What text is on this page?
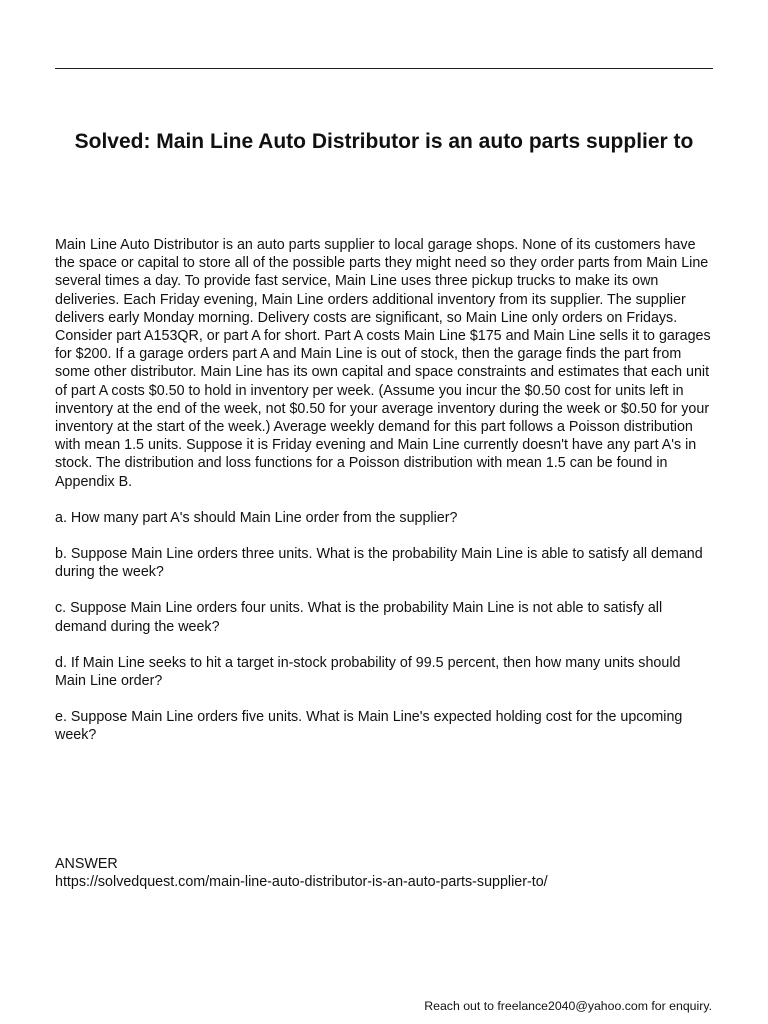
Solved: Main Line Auto Distributor is an auto parts supplier to

Main Line Auto Distributor is an auto parts supplier to local garage shops. None of its customers have the space or capital to store all of the possible parts they might need so they order parts from Main Line several times a day. To provide fast service, Main Line uses three pickup trucks to make its own deliveries. Each Friday evening, Main Line orders additional inventory from its supplier. The supplier delivers early Monday morning. Delivery costs are significant, so Main Line only orders on Fridays. Consider part A153QR, or part A for short. Part A costs Main Line $175 and Main Line sells it to garages for $200. If a garage orders part A and Main Line is out of stock, then the garage finds the part from some other distributor. Main Line has its own capital and space constraints and estimates that each unit of part A costs $0.50 to hold in inventory per week. (Assume you incur the $0.50 cost for units left in inventory at the end of the week, not $0.50 for your average inventory during the week or $0.50 for your inventory at the start of the week.) Average weekly demand for this part follows a Poisson distribution with mean 1.5 units. Suppose it is Friday evening and Main Line currently doesn't have any part A's in stock. The distribution and loss functions for a Poisson distribution with mean 1.5 can be found in Appendix B.

a. How many part A's should Main Line order from the supplier?

b. Suppose Main Line orders three units. What is the probability Main Line is able to satisfy all demand during the week?

c. Suppose Main Line orders four units. What is the probability Main Line is not able to satisfy all demand during the week?

d. If Main Line seeks to hit a target in-stock probability of 99.5 percent, then how many units should Main Line order?

e. Suppose Main Line orders five units. What is Main Line's expected holding cost for the upcoming week?

ANSWER
https://solvedquest.com/main-line-auto-distributor-is-an-auto-parts-supplier-to/
Reach out to freelance2040@yahoo.com for enquiry.
